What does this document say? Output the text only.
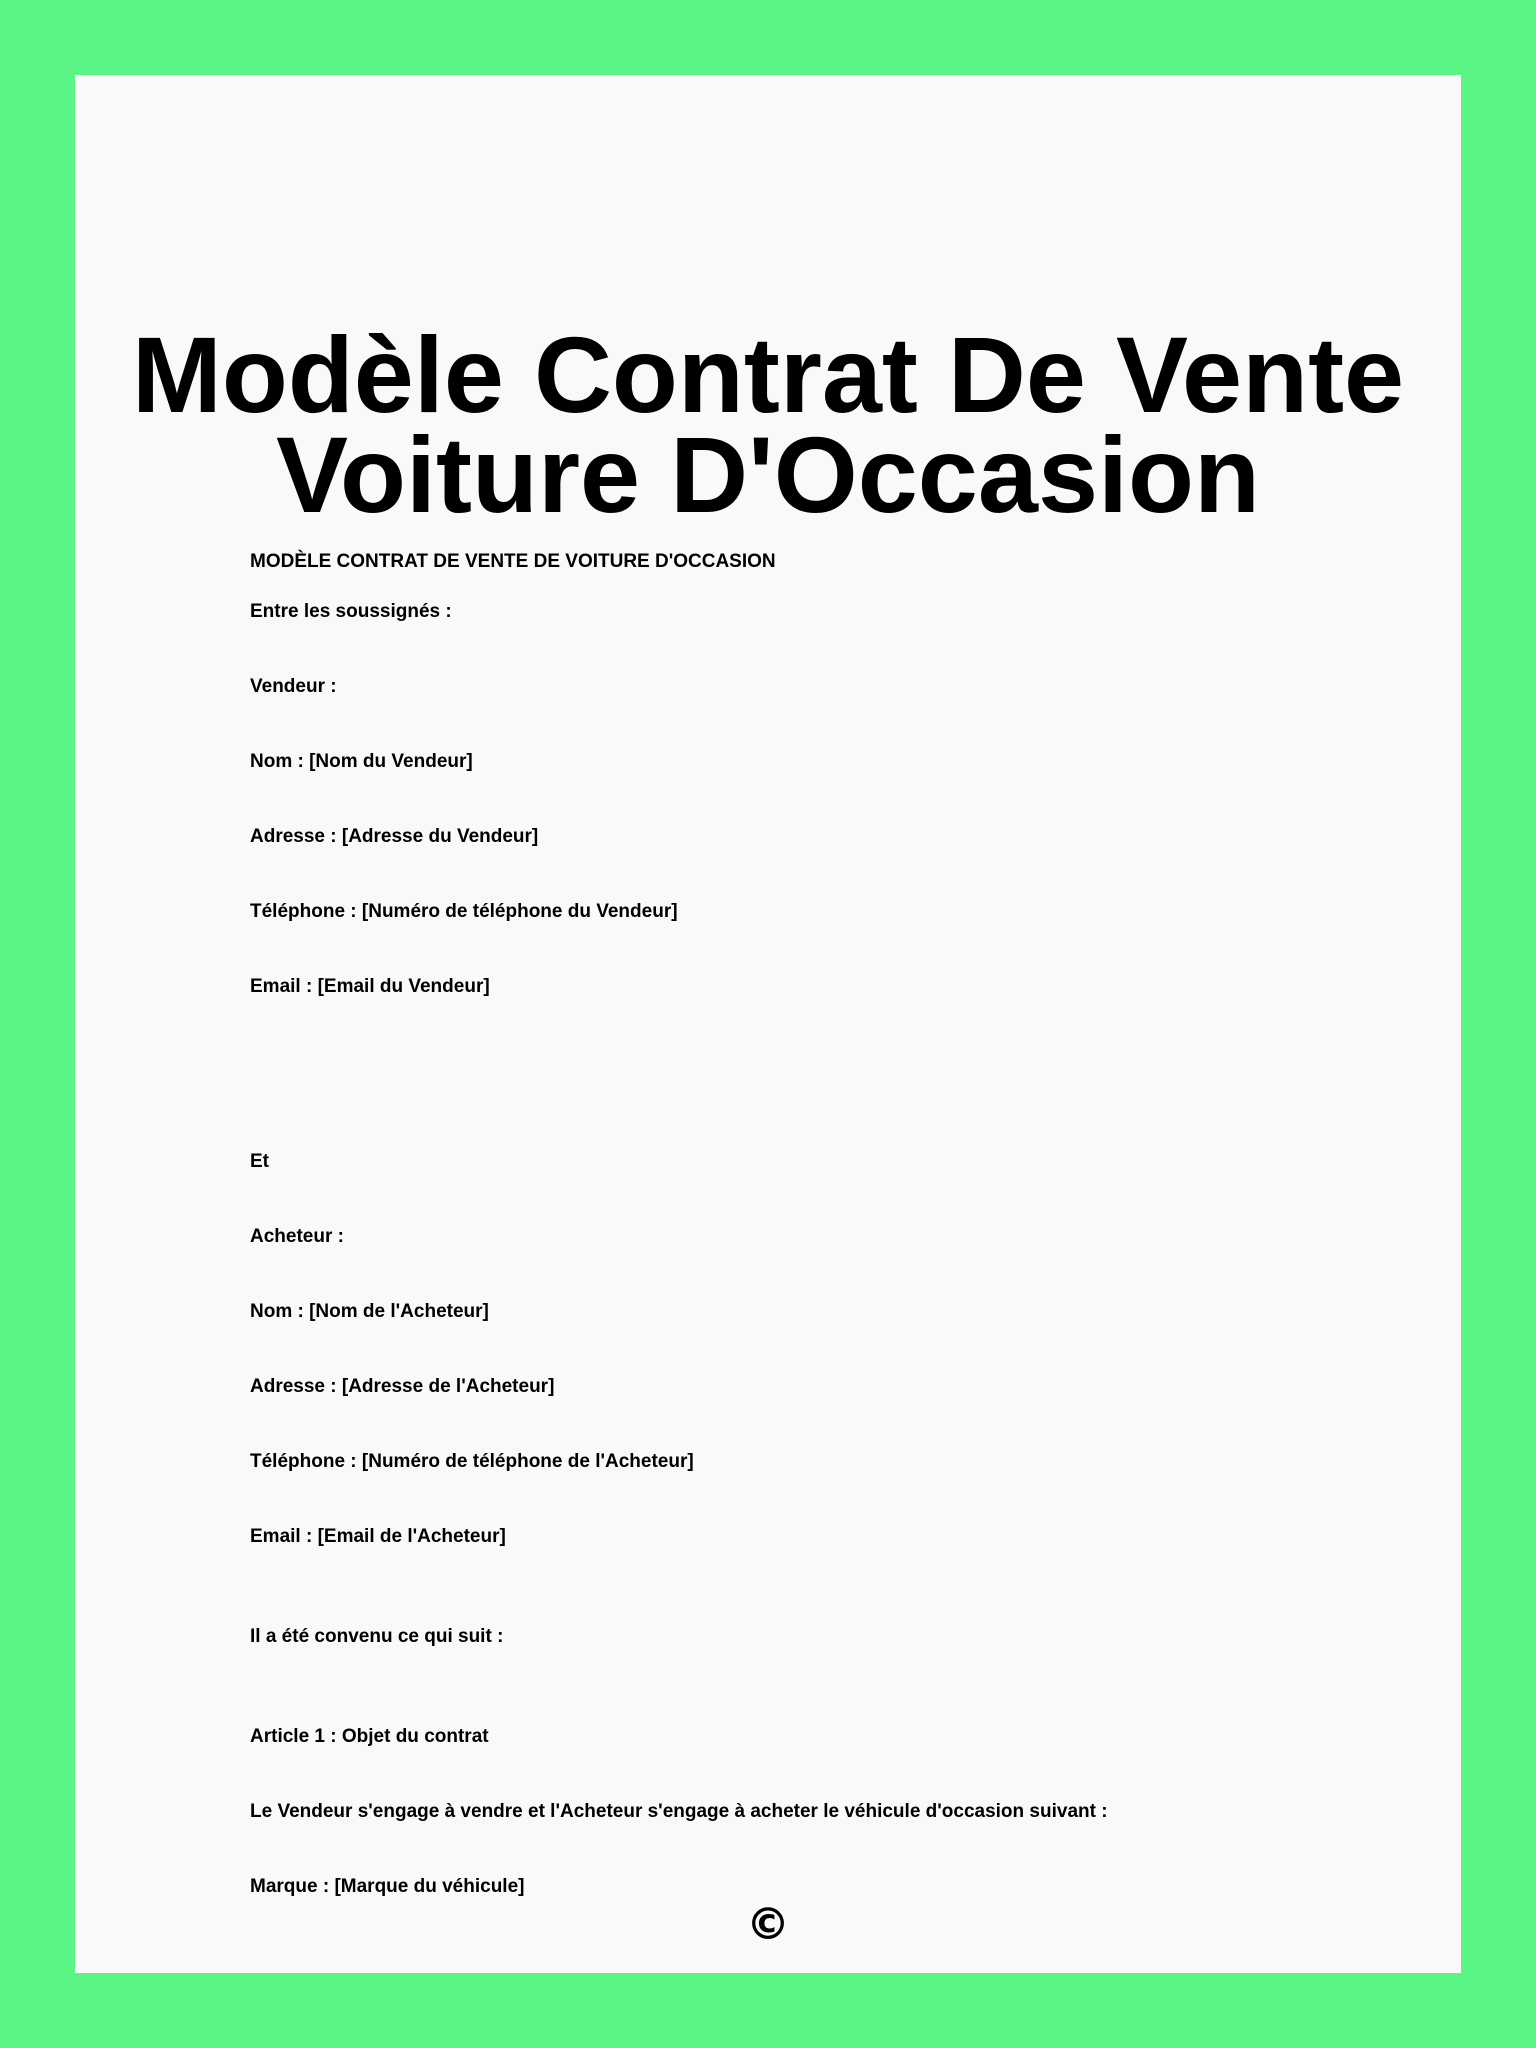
Modèle Contrat De Vente
Voiture D'Occasion

MODÈLE CONTRAT DE VENTE DE VOITURE D'OCCASION

Entre les soussignés :

Vendeur :

Nom : [Nom du Vendeur]

Adresse : [Adresse du Vendeur]

Téléphone : [Numéro de téléphone du Vendeur]

Email : [Email du Vendeur]

Et

Acheteur :

Nom : [Nom de l'Acheteur]

Adresse : [Adresse de l'Acheteur]

Téléphone : [Numéro de téléphone de l'Acheteur]

Email : [Email de l'Acheteur]

Il a été convenu ce qui suit :

Article 1 : Objet du contrat

Le Vendeur s'engage à vendre et l'Acheteur s'engage à acheter le véhicule d'occasion suivant :

Marque : [Marque du véhicule]

©
